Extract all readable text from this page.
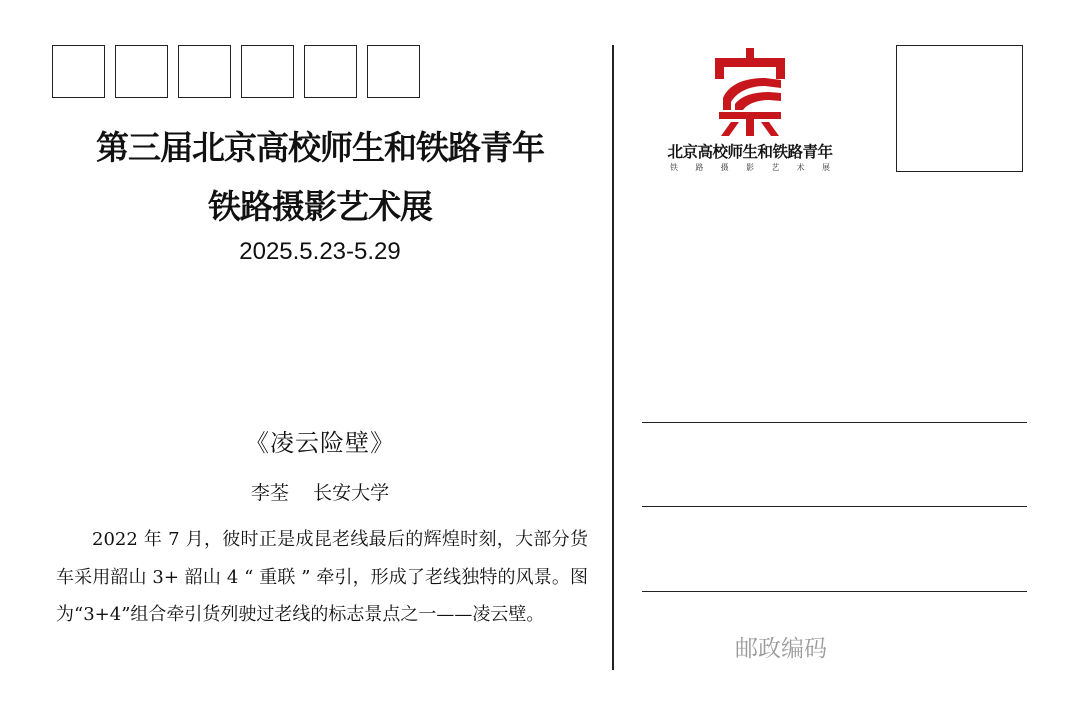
第三届北京高校师生和铁路青年
铁路摄影艺术展
2025.5.23-5.29
《凌云险壁》
李荃    长安大学
2022 年 7 月，彼时正是成昆老线最后的辉煌时刻，大部分货车采用韶山 3+ 韶山 4 “ 重联 ” 牵引，形成了老线独特的风景。图为“3+4”组合牵引货列驶过老线的标志景点之一——凌云壁。
北京高校师生和铁路青年
铁 路 摄 影 艺 术 展
邮政编码
